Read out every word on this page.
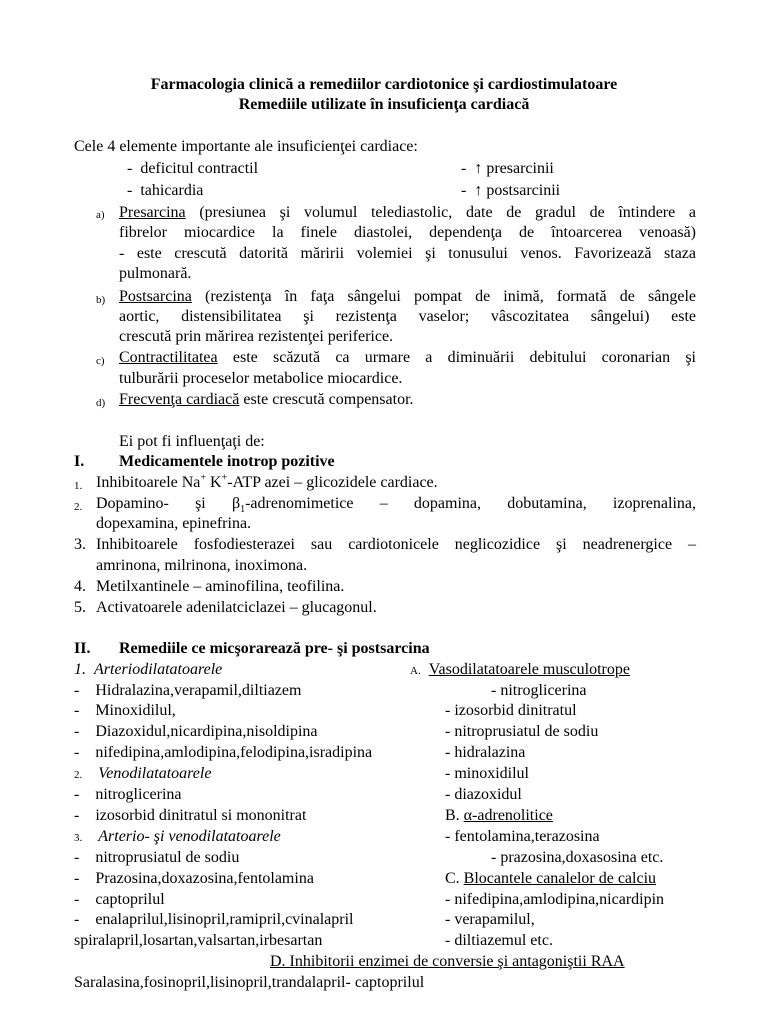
Farmacologia clinică a remediilor cardiotonice şi cardiostimulatoare
Remediile utilizate în insuficienţa cardiacă
Cele 4 elemente importante ale insuficienţei cardiace:
-  deficitul contractil	-  ↑ presarcinii
-  tahicardia	-  ↑ postsarcinii
a) Presarcina (presiunea şi volumul telediastolic, date de gradul de întindere a
fibrelor miocardice la finele diastolei, dependenţa de întoarcerea venoasă)
- este crescută datorită măririi volemiei şi tonusului venos. Favorizează staza
pulmonară.
b) Postsarcina (rezistenţa în faţa sângelui pompat de inimă, formată de sângele
aortic, distensibilitatea şi rezistenţa vaselor; vâscozitatea sângelui) este
crescută prin mărirea rezistenţei periferice.
c) Contractilitatea este scăzută ca urmare a diminuării debitului coronarian şi
tulburării proceselor metabolice miocardice.
d) Frecvenţa cardiacă este crescută compensator.
Ei pot fi influenţaţi de:
I. Medicamentele inotrop pozitive
1. Inhibitoarele Na+ K+-ATP azei – glicozidele cardiace.
2. Dopamino- şi $\beta_1$-adrenomimetice – dopamina, dobutamina, izoprenalina,
dopexamina, epinefrina.
3. Inhibitoarele fosfodiesterazei sau cardiotonicele neglicozidice şi neadrenergice –
amrinona, milrinona, inoximona.
4. Metilxantinele – aminofilina, teofilina.
5. Activatoarele adenilatciclazei – glucagonul.
II. Remediile ce micşorarează pre- şi postsarcina
1. Arteriodilatatoarele
-    Hidralazina,verapamil,diltiazem
-    Minoxidilul,
-    Diazoxidul,nicardipina,nisoldipina
-    nifedipina,amlodipina,felodipina,isradipina
2. Venodilatatoarele
-    nitroglicerina
-    izosorbid dinitratul si mononitrat
3. Arterio- şi venodilatatoarele
-    nitroprusiatul de sodiu
-    Prazosina,doxazosina,fentolamina
-    captoprilul
-    enalaprilul,lisinopril,ramipril,cvinalapril
spiralapril,losartan,valsartan,irbesartan
A. Vasodilatatoarele musculotrope
- nitroglicerina
- izosorbid dinitratul
- nitroprusiatul de sodiu
- hidralazina
- minoxidilul
- diazoxidul
B. α-adrenolitice
- fentolamina,terazosina
- prazosina,doxasosina etc.
C. Blocantele canalelor de calciu
- nifedipina,amlodipina,nicardipin
- verapamilul,
- diltiazemul etc.
D. Inhibitorii enzimei de conversie şi antagoniştii RAA
Saralasina,fosinopril,lisinopril,trandalapril- captoprilul
